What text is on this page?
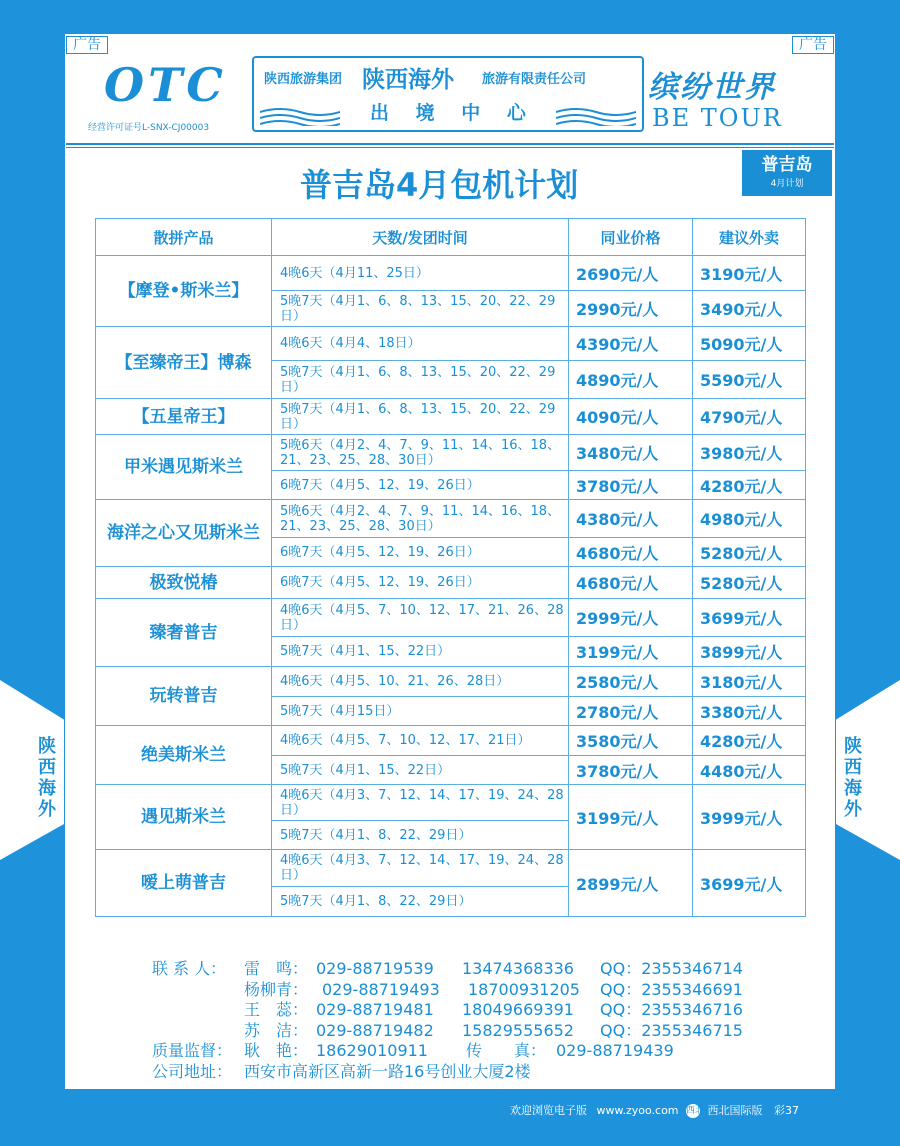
陕
西
海
外
陕
西
海
外
广告	广告
OTC
经营许可证号L-SNX-CJ00003
陕西旅游集团 陕西海外 旅游有限责任公司
出 境 中 心
缤纷世界
BE TOUR
普吉岛4月包机计划
普吉岛
4月计划
散拼产品	天数/发团时间	同业价格	建议外卖
【摩登•斯米兰】	4晚6天（4月11、25日）	2690元/人	3190元/人
	5晚7天（4月1、6、8、13、15、20、22、29日）	2990元/人	3490元/人
【至臻帝王】博森	4晚6天（4月4、18日）	4390元/人	5090元/人
	5晚7天（4月1、6、8、13、15、20、22、29日）	4890元/人	5590元/人
【五星帝王】	5晚7天（4月1、6、8、13、15、20、22、29日）	4090元/人	4790元/人
甲米遇见斯米兰	5晚6天（4月2、4、7、9、11、14、16、18、21、23、25、28、30日）	3480元/人	3980元/人
	6晚7天（4月5、12、19、26日）	3780元/人	4280元/人
海洋之心又见斯米兰	5晚6天（4月2、4、7、9、11、14、16、18、21、23、25、28、30日）	4380元/人	4980元/人
	6晚7天（4月5、12、19、26日）	4680元/人	5280元/人
极致悦椿	6晚7天（4月5、12、19、26日）	4680元/人	5280元/人
臻奢普吉	4晚6天（4月5、7、10、12、17、21、26、28日）	2999元/人	3699元/人
	5晚7天（4月1、15、22日）	3199元/人	3899元/人
玩转普吉	4晚6天（4月5、10、21、26、28日）	2580元/人	3180元/人
	5晚7天（4月15日）	2780元/人	3380元/人
绝美斯米兰	4晚6天（4月5、7、10、12、17、21日）	3580元/人	4280元/人
	5晚7天（4月1、15、22日）	3780元/人	4480元/人
遇见斯米兰	4晚6天（4月3、7、12、14、17、19、24、28日）	3199元/人	3999元/人
	5晚7天（4月1、8、22、29日）		
嗳上萌普吉	4晚6天（4月3、7、12、14、17、19、24、28日）	2899元/人	3699元/人
	5晚7天（4月1、8、22、29日）		
联 系 人： 雷　鸣： 029-88719539 13474368336 QQ：2355346714
杨柳青： 029-88719493 18700931205 QQ：2355346691
王　蕊： 029-88719481 18049669391 QQ：2355346716
苏　洁： 029-88719482 15829555652 QQ：2355346715
质量监督： 耿　艳： 18629010911 传　　真： 029-88719439
公司地址： 西安市高新区高新一路16号创业大厦2楼
欢迎浏览电子版 www.zyoo.com 西北 西北国际版 彩37
